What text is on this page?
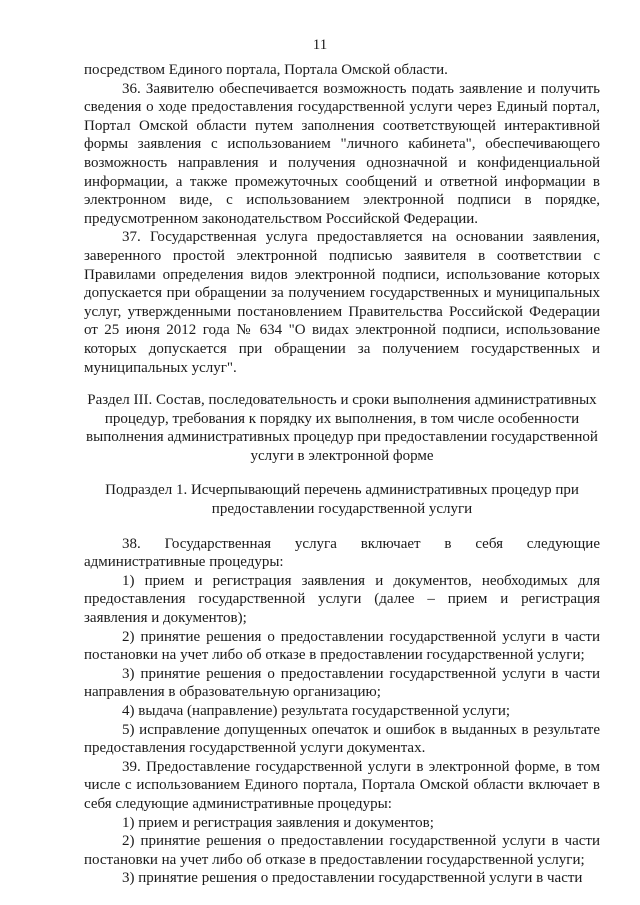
11

посредством Единого портала, Портала Омской области.

36. Заявителю обеспечивается возможность подать заявление и получить сведения о ходе предоставления государственной услуги через Единый портал, Портал Омской области путем заполнения соответствующей интерактивной формы заявления с использованием "личного кабинета", обеспечивающего возможность направления и получения однозначной и конфиденциальной информации, а также промежуточных сообщений и ответной информации в электронном виде, с использованием электронной подписи в порядке, предусмотренном законодательством Российской Федерации.

37. Государственная услуга предоставляется на основании заявления, заверенного простой электронной подписью заявителя в соответствии с Правилами определения видов электронной подписи, использование которых допускается при обращении за получением государственных и муниципальных услуг, утвержденными постановлением Правительства Российской Федерации от 25 июня 2012 года № 634 "О видах электронной подписи, использование которых допускается при обращении за получением государственных и муниципальных услуг".

Раздел III. Состав, последовательность и сроки выполнения административных процедур, требования к порядку их выполнения, в том числе особенности выполнения административных процедур при предоставлении государственной услуги в электронной форме

Подраздел 1. Исчерпывающий перечень административных процедур при предоставлении государственной услуги

38. Государственная услуга включает в себя следующие административные процедуры:

1) прием и регистрация заявления и документов, необходимых для предоставления государственной услуги (далее – прием и регистрация заявления и документов);

2) принятие решения о предоставлении государственной услуги в части постановки на учет либо об отказе в предоставлении государственной услуги;

3) принятие решения о предоставлении государственной услуги в части направления в образовательную организацию;

4) выдача (направление) результата государственной услуги;

5) исправление допущенных опечаток и ошибок в выданных в результате предоставления государственной услуги документах.

39. Предоставление государственной услуги в электронной форме, в том числе с использованием Единого портала, Портала Омской области включает в себя следующие административные процедуры:

1) прием и регистрация заявления и документов;

2) принятие решения о предоставлении государственной услуги в части постановки на учет либо об отказе в предоставлении государственной услуги;

3) принятие решения о предоставлении государственной услуги в части
